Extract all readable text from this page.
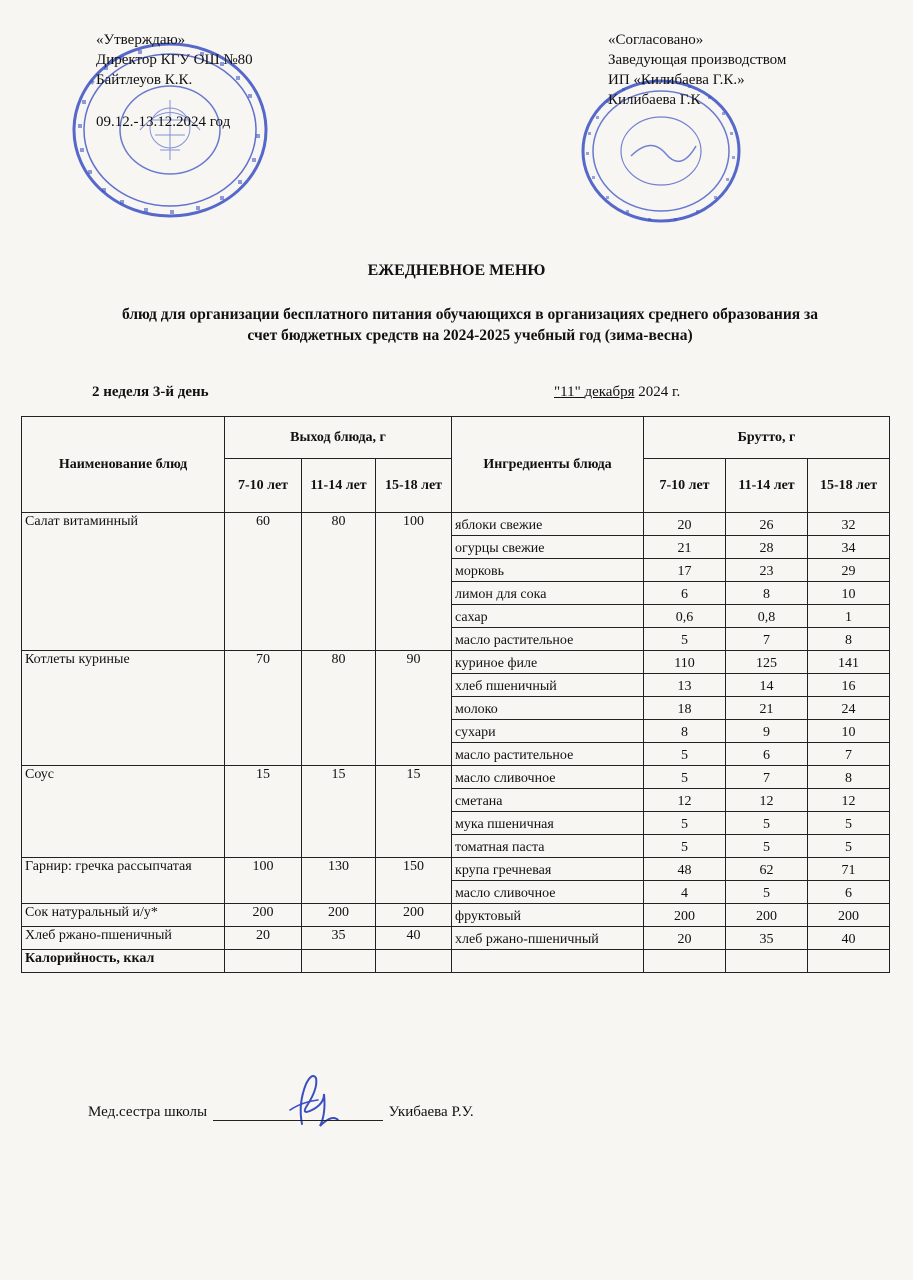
«Утверждаю»
Директор КГУ ОШ №80
Байтлеуов К.К.
09.12.-13.12.2024 год
«Согласовано»
Заведующая производством
ИП «Килибаева Г.К.»
Килибаева Г.К
ЕЖЕДНЕВНОЕ МЕНЮ
блюд для организации бесплатного питания обучающихся в организациях среднего образования за счет бюджетных средств на 2024-2025 учебный год (зима-весна)
2 неделя 3-й день	"11" декабря 2024 г.
Наименование блюд	Выход блюда, г			Ингредиенты блюда	Брутто, г		
	7-10 лет	11-14 лет	15-18 лет		7-10 лет	11-14 лет	15-18 лет
Салат витаминный	60	80	100	яблоки свежие	20	26	32
				огурцы свежие	21	28	34
				морковь	17	23	29
				лимон для сока	6	8	10
				сахар	0,6	0,8	1
				масло растительное	5	7	8
Котлеты куриные	70	80	90	куриное филе	110	125	141
				хлеб пшеничный	13	14	16
				молоко	18	21	24
				сухари	8	9	10
				масло растительное	5	6	7
Соус	15	15	15	масло сливочное	5	7	8
				сметана	12	12	12
				мука пшеничная	5	5	5
				томатная паста	5	5	5
Гарнир: гречка рассыпчатая	100	130	150	крупа гречневая	48	62	71
				масло сливочное	4	5	6
Сок натуральный и/у*	200	200	200	фруктовый	200	200	200
Хлеб ржано-пшеничный	20	35	40	хлеб ржано-пшеничный	20	35	40
Калорийность, ккал							
Мед.сестра школы	Укибаева Р.У.
